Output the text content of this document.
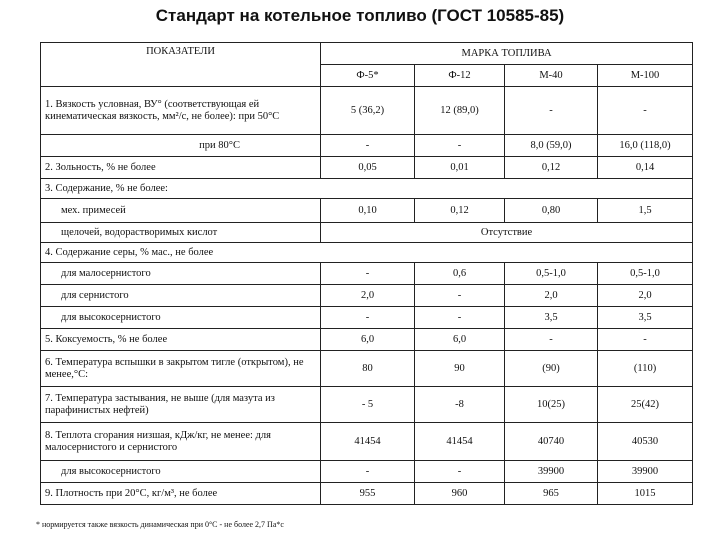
Стандарт на котельное топливо (ГОСТ 10585-85)
ПОКАЗАТЕЛИ	МАРКА ТОПЛИВА			
	Ф-5*	Ф-12	М-40	М-100
1. Вязкость условная, ВУ° (соответствующая ей кинематическая вязкость, мм²/с, не более): при 50°С	5 (36,2)	12 (89,0)	-	-
при 80°С	-	-	8,0 (59,0)	16,0 (118,0)
2. Зольность, % не более	0,05	0,01	0,12	0,14
3. Содержание, % не более:				
мех. примесей	0,10	0,12	0,80	1,5
щелочей, водорастворимых кислот	Отсутствие			
4. Содержание серы, % мас., не более				
для малосернистого	-	0,6	0,5-1,0	0,5-1,0
для сернистого	2,0	-	2,0	2,0
для высокосернистого	-	-	3,5	3,5
5. Коксуемость, % не более	6,0	6,0	-	-
6. Температура вспышки в закрытом тигле (открытом), не менее,°С:	80	90	(90)	(110)
7. Температура застывания, не выше (для мазута из парафинистых нефтей)	- 5	-8	10(25)	25(42)
8. Теплота сгорания низшая, кДж/кг, не менее: для малосернистого и сернистого	41454	41454	40740	40530
для высокосернистого	-	-	39900	39900
9. Плотность при 20°С, кг/м³, не более	955	960	965	1015
* нормируется также вязкость динамическая при 0°С - не более 2,7 Па*с
